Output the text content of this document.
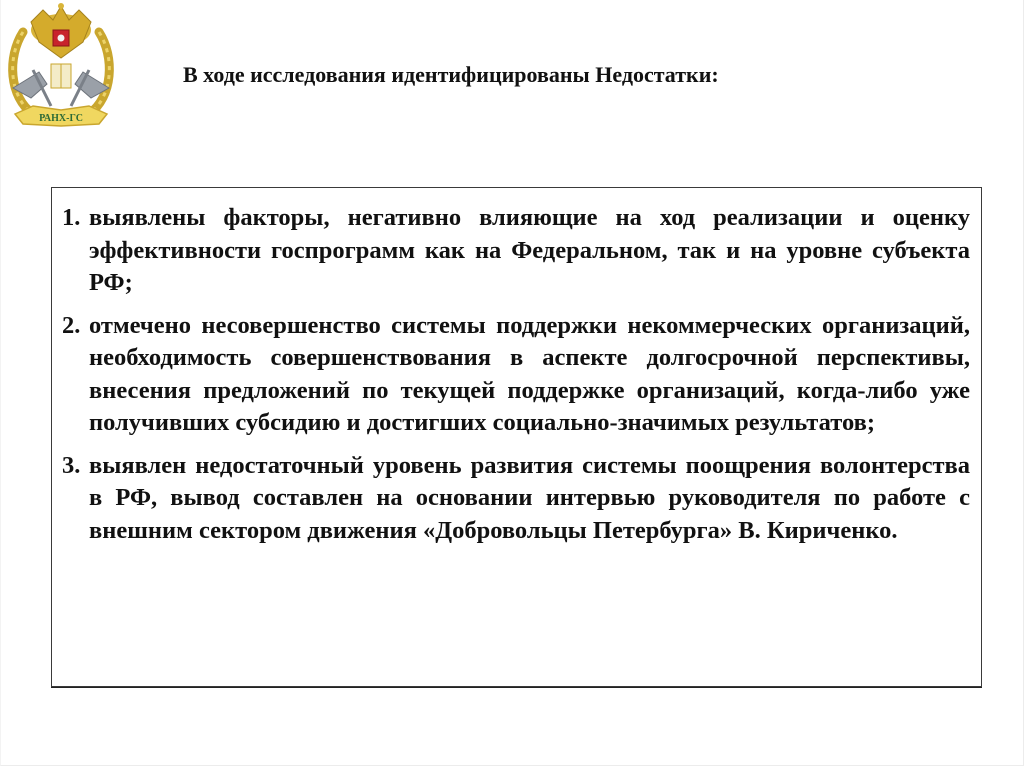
РАНХ-ГС
В ходе исследования идентифицированы Недостатки:
1. выявлены факторы, негативно влияющие на ход реализации и оценку эффективности госпрограмм как на Федеральном, так и на уровне субъекта РФ;
2. отмечено несовершенство системы поддержки некоммерческих организаций, необходимость совершенствования в аспекте долгосрочной перспективы, внесения предложений по текущей поддержке организаций, когда-либо уже получивших субсидию и достигших социально-значимых результатов;
3. выявлен недостаточный уровень развития системы поощрения волонтерства в РФ, вывод составлен на основании интервью руководителя по работе с внешним сектором движения «Добровольцы Петербурга» В. Кириченко.
